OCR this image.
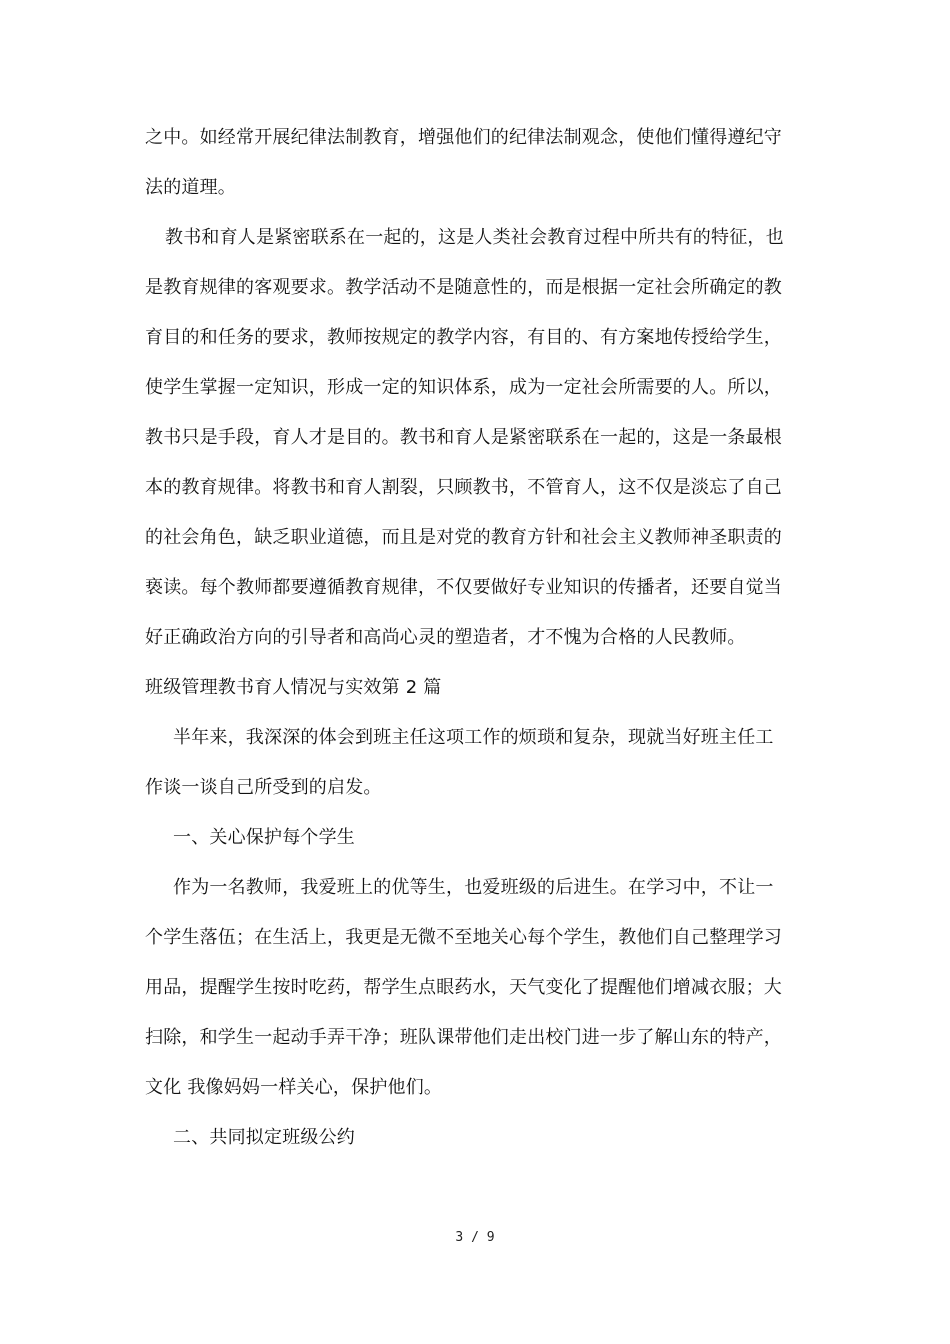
之中。如经常开展纪律法制教育，增强他们的纪律法制观念，使他们懂得遵纪守
法的道理。
教书和育人是紧密联系在一起的，这是人类社会教育过程中所共有的特征，也
是教育规律的客观要求。教学活动不是随意性的，而是根据一定社会所确定的教
育目的和任务的要求，教师按规定的教学内容，有目的、有方案地传授给学生，
使学生掌握一定知识，形成一定的知识体系，成为一定社会所需要的人。所以，
教书只是手段，育人才是目的。教书和育人是紧密联系在一起的，这是一条最根
本的教育规律。将教书和育人割裂，只顾教书，不管育人，这不仅是淡忘了自己
的社会角色，缺乏职业道德，而且是对党的教育方针和社会主义教师神圣职责的
亵读。每个教师都要遵循教育规律，不仅要做好专业知识的传播者，还要自觉当
好正确政治方向的引导者和高尚心灵的塑造者，才不愧为合格的人民教师。
班级管理教书育人情况与实效第 2 篇
半年来，我深深的体会到班主任这项工作的烦琐和复杂，现就当好班主任工
作谈一谈自己所受到的启发。
一、关心保护每个学生
作为一名教师，我爱班上的优等生，也爱班级的后进生。在学习中，不让一
个学生落伍；在生活上，我更是无微不至地关心每个学生，教他们自己整理学习
用品，提醒学生按时吃药，帮学生点眼药水，天气变化了提醒他们增减衣服；大
扫除，和学生一起动手弄干净；班队课带他们走出校门进一步了解山东的特产，
文化 我像妈妈一样关心，保护他们。
二、共同拟定班级公约
3 / 9
